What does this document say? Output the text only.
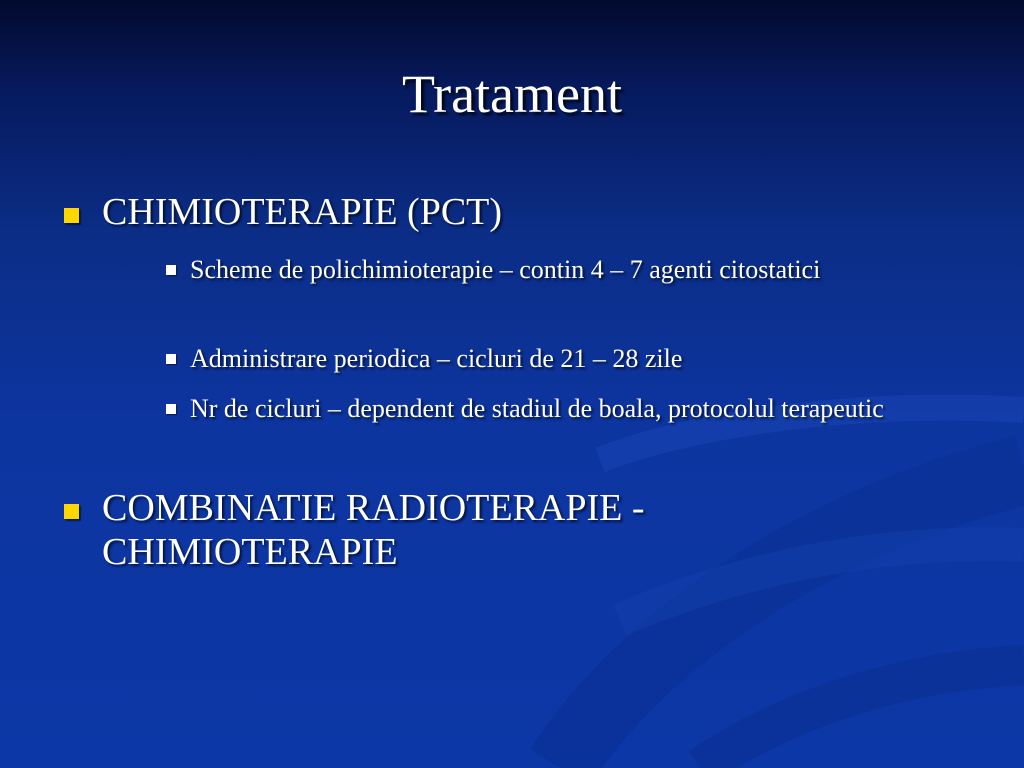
Tratament
CHIMIOTERAPIE (PCT)
Scheme de polichimioterapie – contin 4 – 7 agenti citostatici
Administrare periodica – cicluri de 21 – 28 zile
Nr de cicluri – dependent de stadiul de boala, protocolul terapeutic
COMBINATIE RADIOTERAPIE - CHIMIOTERAPIE
